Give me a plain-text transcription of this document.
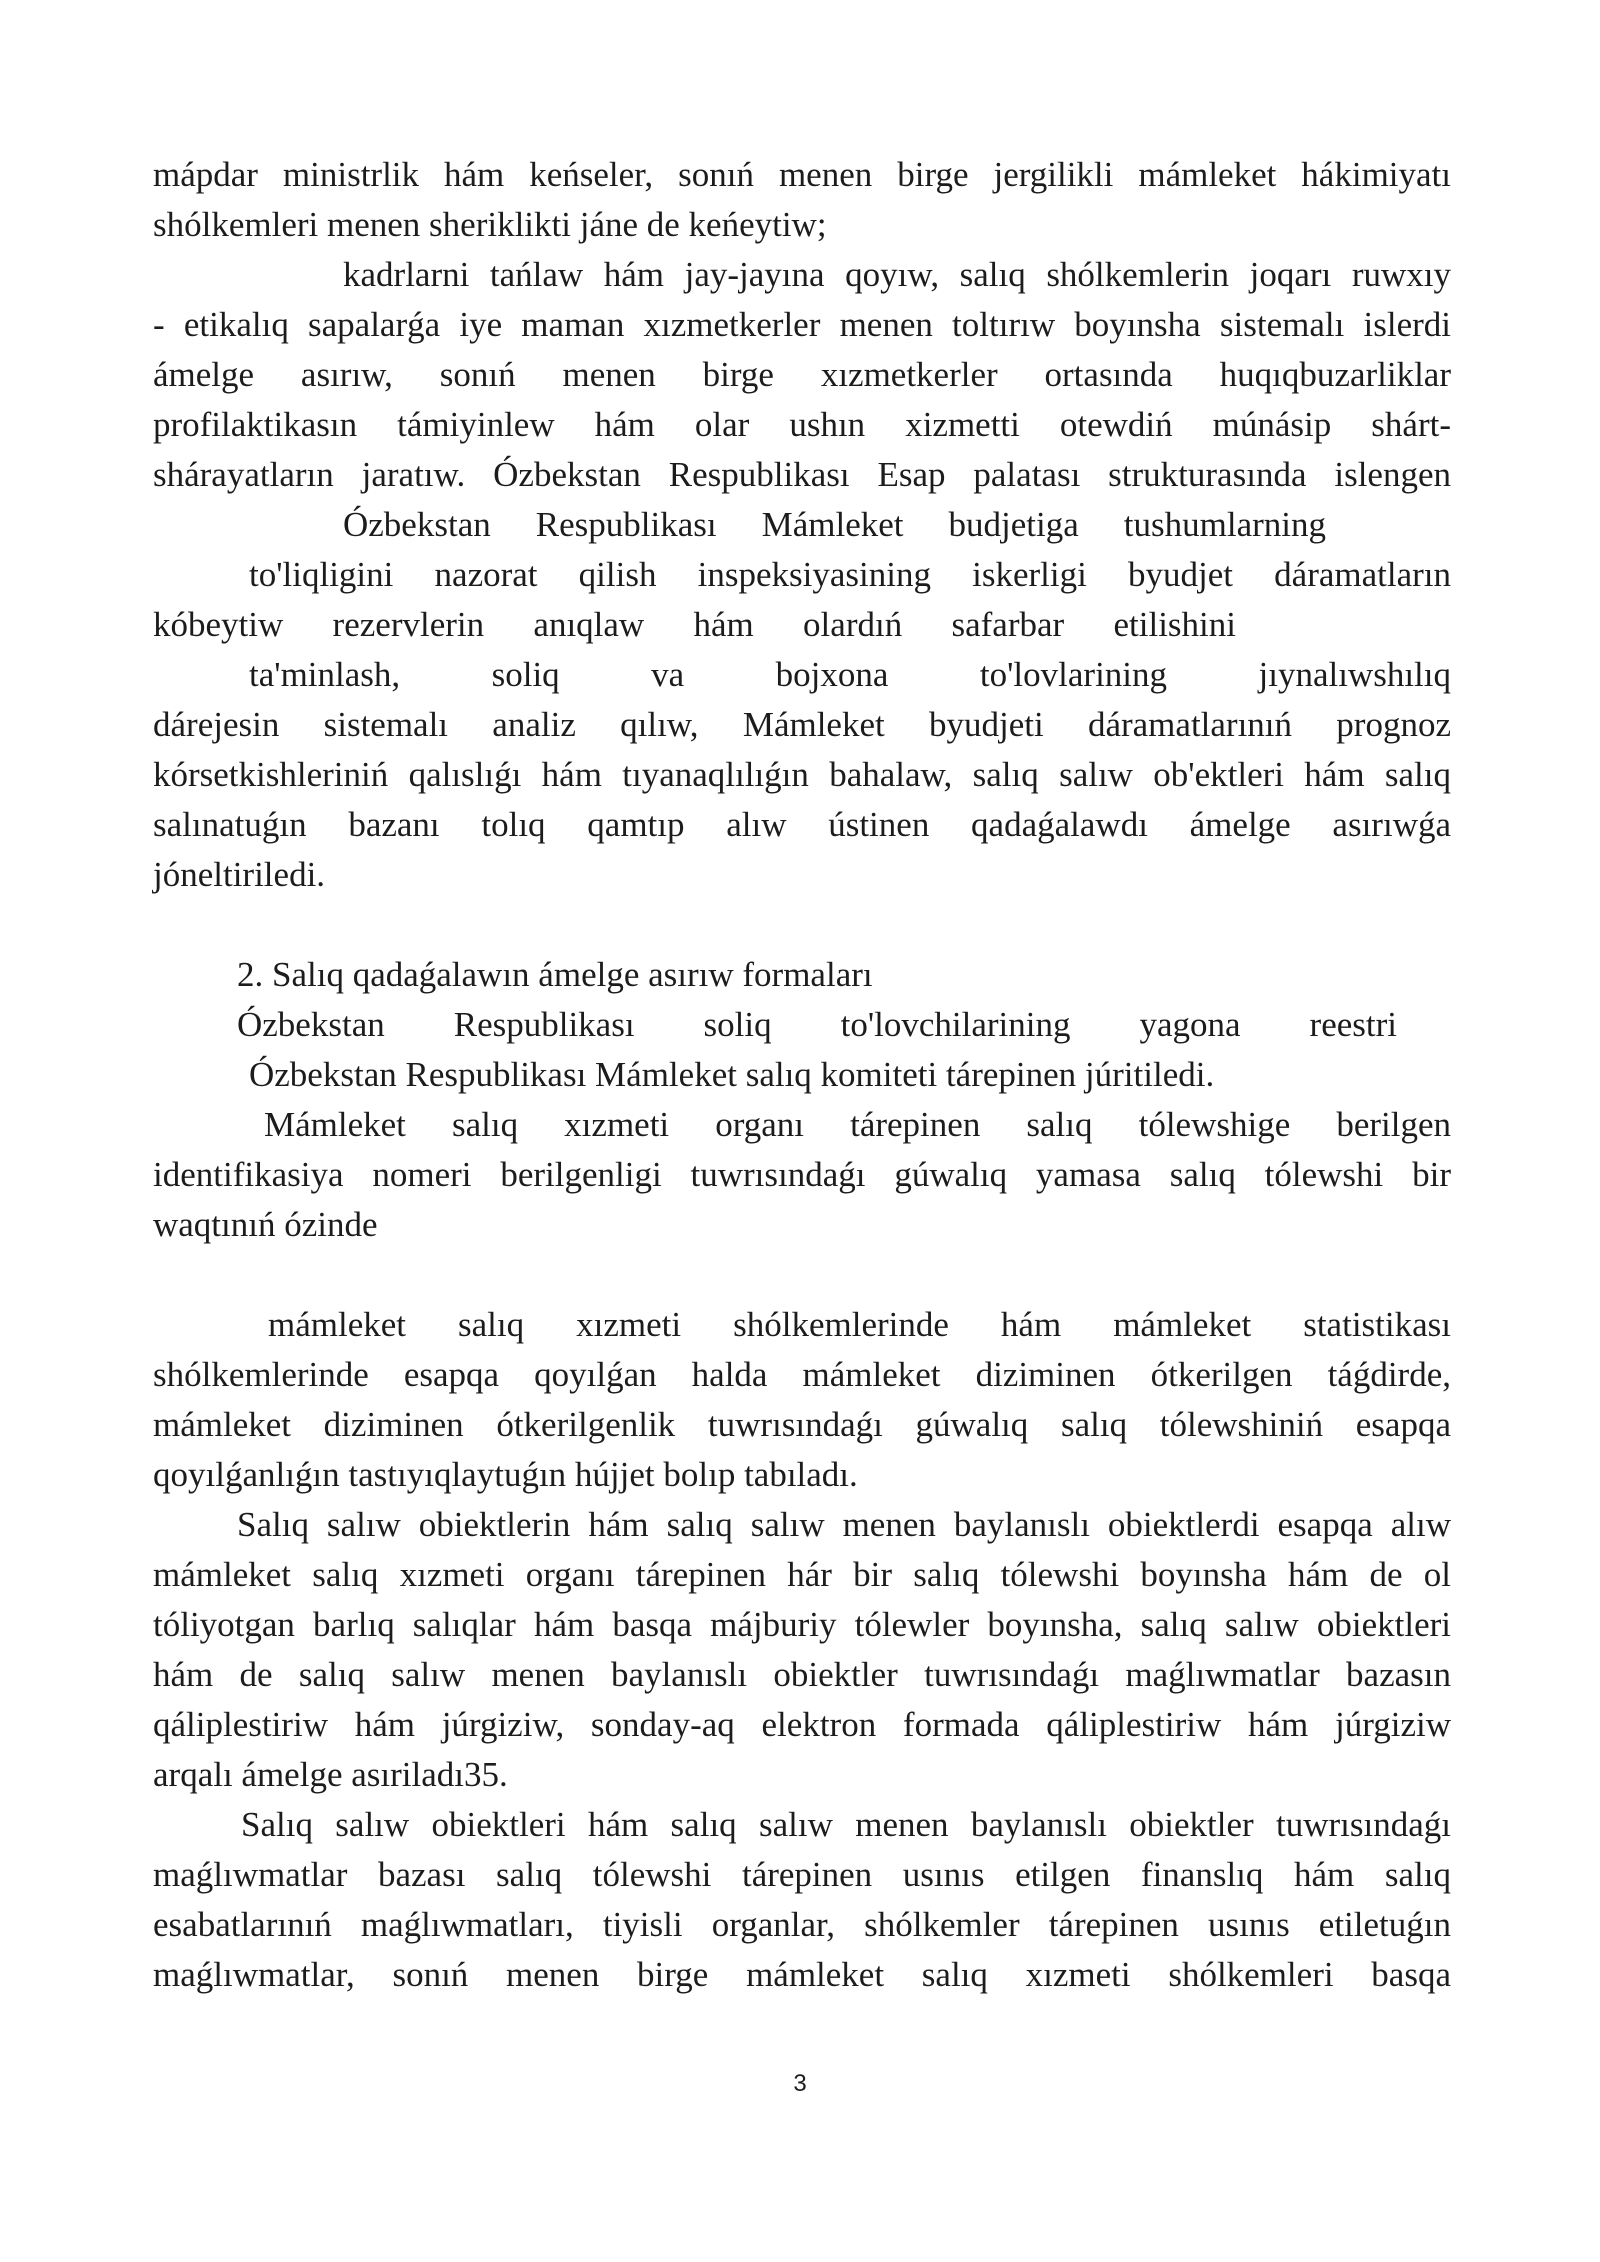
mápdar ministrlik hám keńseler, sonıń menen birge jergilikli mámleket hákimiyatı
shólkemleri menen sheriklikti jáne de keńeytiw;
kadrlarni tańlaw hám jay-jayına qoyıw, salıq shólkemlerin joqarı ruwxıy
- etikalıq sapalarǵa iye maman xızmetkerler menen toltırıw boyınsha sistemalı islerdi
ámelge asırıw, sonıń menen birge xızmetkerler ortasında huqıqbuzarliklar
profilaktikasın támiyinlew hám olar ushın xizmetti otewdiń múnásip shárt-
shárayatların jaratıw. Ózbekstan Respublikası Esap palatası strukturasında islengen
Ózbekstan Respublikası Mámleket budjetiga tushumlarning
to'liqligini nazorat qilish inspeksiyasining iskerligi byudjet dáramatların
kóbeytiw rezervlerin anıqlaw hám olardıń safarbar etilishini
ta'minlash, soliq va bojxona to'lovlarining jıynalıwshılıq
dárejesin sistemalı analiz qılıw, Mámleket byudjeti dáramatlarınıń prognoz
kórsetkishleriniń qalıslıǵı hám tıyanaqlılıǵın bahalaw, salıq salıw ob'ektleri hám salıq
salınatuǵın bazanı tolıq qamtıp alıw ústinen qadaǵalawdı ámelge asırıwǵa
jóneltiriledi.
2. Salıq qadaǵalawın ámelge asırıw formaları
Ózbekstan Respublikası soliq to'lovchilarining yagona reestri
Ózbekstan Respublikası Mámleket salıq komiteti tárepinen júritiledi.
Mámleket salıq xızmeti organı tárepinen salıq tólewshige berilgen
identifikasiya nomeri berilgenligi tuwrısındaǵı gúwalıq yamasa salıq tólewshi bir
waqtınıń ózinde
mámleket salıq xızmeti shólkemlerinde hám mámleket statistikası
shólkemlerinde esapqa qoyılǵan halda mámleket diziminen ótkerilgen táǵdirde,
mámleket diziminen ótkerilgenlik tuwrısındaǵı gúwalıq salıq tólewshiniń esapqa
qoyılǵanlıǵın tastıyıqlaytuǵın hújjet bolıp tabıladı.
Salıq salıw obiektlerin hám salıq salıw menen baylanıslı obiektlerdi esapqa alıw
mámleket salıq xızmeti organı tárepinen hár bir salıq tólewshi boyınsha hám de ol
tóliyotgan barlıq salıqlar hám basqa májburiy tólewler boyınsha, salıq salıw obiektleri
hám de salıq salıw menen baylanıslı obiektler tuwrısındaǵı maǵlıwmatlar bazasın
qáliplestiriw hám júrgiziw, sonday-aq elektron formada qáliplestiriw hám júrgiziw
arqalı ámelge asıriladı35.
Salıq salıw obiektleri hám salıq salıw menen baylanıslı obiektler tuwrısındaǵı
maǵlıwmatlar bazası salıq tólewshi tárepinen usınıs etilgen finanslıq hám salıq
esabatlarınıń maǵlıwmatları, tiyisli organlar, shólkemler tárepinen usınıs etiletuǵın
maǵlıwmatlar, sonıń menen birge mámleket salıq xızmeti shólkemleri basqa
3
